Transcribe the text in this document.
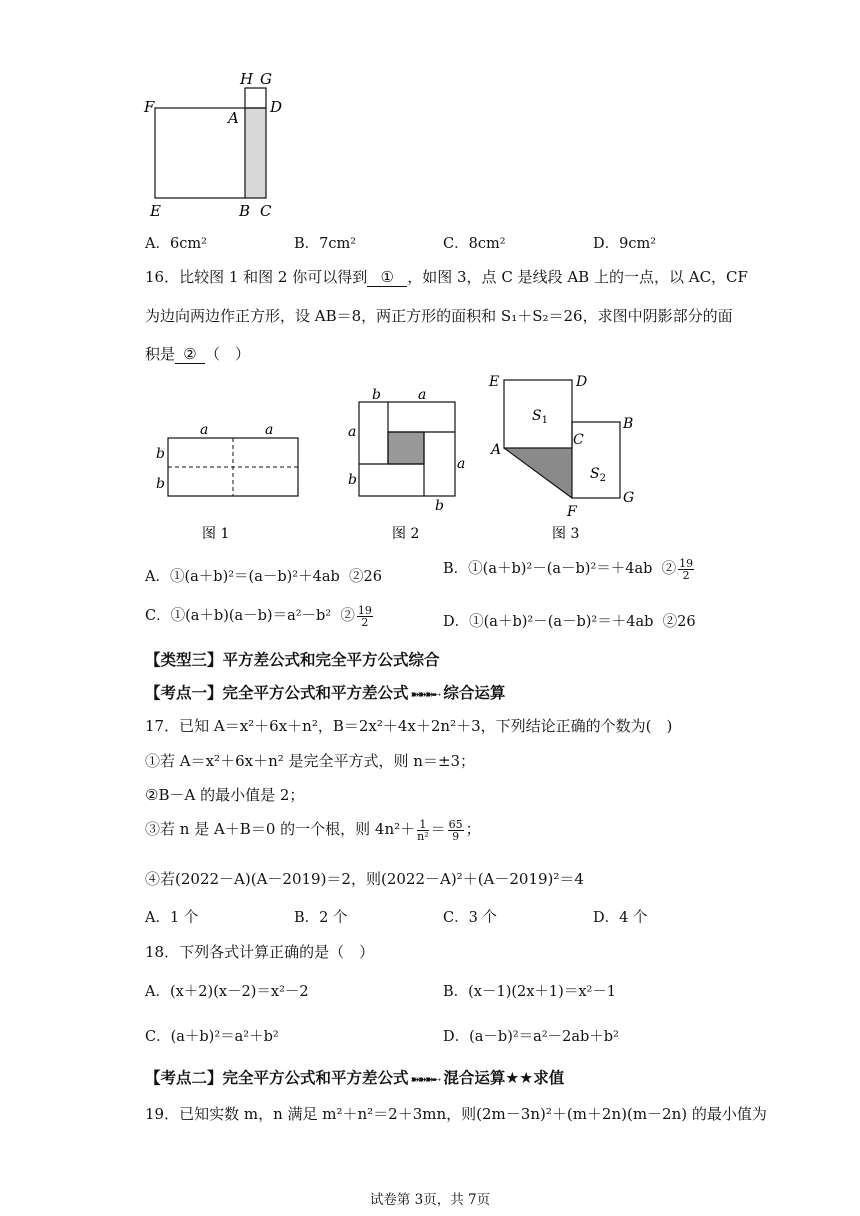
H G
F
A
D
E	B C
A．6cm²	B．7cm²	C．8cm²	D．9cm²
16．比较图 1 和图 2 你可以得到 ① ，如图 3，点 C 是线段 AB 上的一点，以 AC，CF
为边向两边作正方形，设 AB＝8，两正方形的面积和 S₁＋S₂＝26，求图中阴影部分的面
积是 ② （　）
a	a
b
b
图 1
b	a
a
a
b
b
图 2
E	D
$S_1$
A
C
B
$S_2$
F
G
图 3
A．①(a＋b)²＝(a－b)²＋4ab ②26	B．①(a＋b)²－(a－b)²＝＋4ab ② $\frac{19}{2}$
C．①(a＋b)(a－b)＝a²－b² ② $\frac{19}{2}$	D．①(a＋b)²－(a－b)²＝＋4ab ②26
【类型三】平方差公式和完全平方公式综合
【考点一】完全平方公式和平方差公式 ➽➽➽➸ 综合运算
17．已知 A＝x²＋6x＋n²，B＝2x²＋4x＋2n²＋3，下列结论正确的个数为(　)
①若 A＝x²＋6x＋n² 是完全平方式，则 n＝±3；
②B－A 的最小值是 2；
③若 n 是 A＋B＝0 的一个根，则 $4n^2+ \frac{1}{\text{n²}} = \frac{65}{9}$ ；
④若(2022－A)(A－2019)＝2，则(2022－A)²＋(A－2019)²＝4
A．1 个	B．2 个	C．3 个	D．4 个
18．下列各式计算正确的是（　）
A．(x＋2)(x－2)＝x²－2	B．(x－1)(2x＋1)＝x²－1
C．(a＋b)²＝a²＋b²	D．(a－b)²＝a²－2ab＋b²
【考点二】完全平方公式和平方差公式 ➽➽➽➸ 混合运算★★求值
19．已知实数 m，n 满足 m²＋n²＝2＋3mn，则(2m－3n)²＋(m＋2n)(m－2n) 的最小值为
试卷第 3页，共 7页
